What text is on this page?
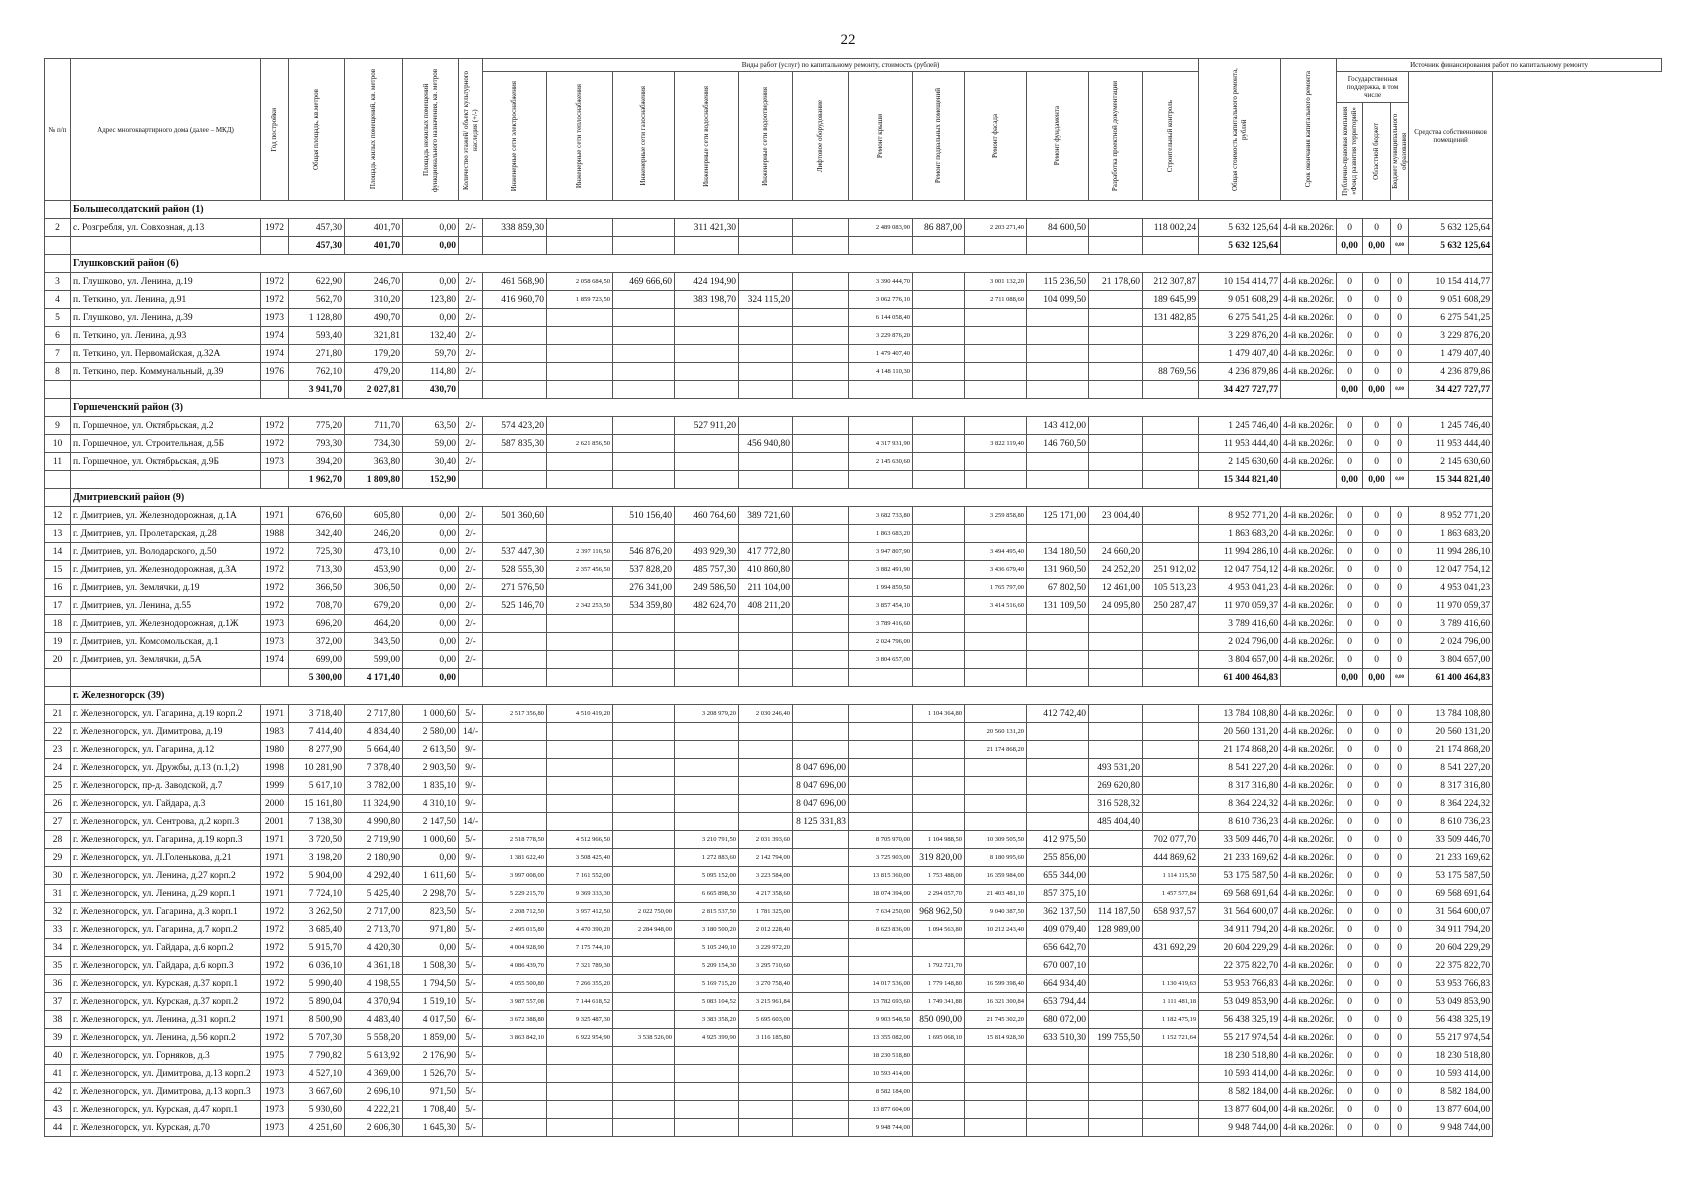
22
№ п/п	Адрес многоквартирного дома (далее – МКД)	Год постройки	Общая площадь, кв.метров	Площадь жилых помещений, кв. метров	Площадь нежилых помещений функционального назначения, кв. метров	Количество этажей/ объект культурного наследия (+/-)	Виды работ (услуг) по капитальному ремонту, стоимость (рублей)												Общая стоимость капитального ремонта, рублей	Срок окончания капитального ремонта	Источник финансирования работ по капитальному ремонту			

							Инженерные сети электроснабжения	Инженерные сети теплоснабжения	Инженерные сети газоснабжения	Инженерные сети водоснабжения	Инженерные сети водоотведения	Лифтовое оборудование	Ремонт крыши	Ремонт подвальных помещений	Ремонт фасада	Ремонт фундамента	Разработка проектной документации	Строительный контроль			Государственная поддержка, в том числе			Средства собственников помещений

																					Публично-правовая компания «Фонд развития территорий»	Областной бюджет	Бюджет муниципального образования	

	Большесолдатский район (1)																							
2	с. Розгребля, ул. Совхозная, д.13	1972	457,30	401,70	0,00	2/-	338 859,30			311 421,30			2 489 083,90	86 887,00	2 203 271,40	84 600,50		118 002,24	5 632 125,64	4-й кв.2026г.	0	0	0	5 632 125,64
			457,30	401,70	0,00														5 632 125,64		0,00	0,00	0,00	5 632 125,64
	Глушковский район (6)																							
3	п. Глушково, ул. Ленина, д.19	1972	622,90	246,70	0,00	2/-	461 568,90	2 058 684,50	469 666,60	424 194,90			3 390 444,70		3 001 132,20	115 236,50	21 178,60	212 307,87	10 154 414,77	4-й кв.2026г.	0	0	0	10 154 414,77
4	п. Теткино, ул. Ленина, д.91	1972	562,70	310,20	123,80	2/-	416 960,70	1 859 723,50		383 198,70	324 115,20		3 062 776,10		2 711 088,60	104 099,50		189 645,99	9 051 608,29	4-й кв.2026г.	0	0	0	9 051 608,29
5	п. Глушково, ул. Ленина, д.39	1973	1 128,80	490,70	0,00	2/-							6 144 058,40					131 482,85	6 275 541,25	4-й кв.2026г.	0	0	0	6 275 541,25
6	п. Теткино, ул. Ленина, д.93	1974	593,40	321,81	132,40	2/-							3 229 876,20						3 229 876,20	4-й кв.2026г.	0	0	0	3 229 876,20
7	п. Теткино, ул. Первомайская, д.32А	1974	271,80	179,20	59,70	2/-							1 479 407,40						1 479 407,40	4-й кв.2026г.	0	0	0	1 479 407,40
8	п. Теткино, пер. Коммунальный, д.39	1976	762,10	479,20	114,80	2/-							4 148 110,30					88 769,56	4 236 879,86	4-й кв.2026г.	0	0	0	4 236 879,86
			3 941,70	2 027,81	430,70														34 427 727,77		0,00	0,00	0,00	34 427 727,77
	Горшеченский район (3)																							
9	п. Горшечное, ул. Октябрьская, д.2	1972	775,20	711,70	63,50	2/-	574 423,20			527 911,20						143 412,00			1 245 746,40	4-й кв.2026г.	0	0	0	1 245 746,40
10	п. Горшечное, ул. Строительная, д.5Б	1972	793,30	734,30	59,00	2/-	587 835,30	2 621 856,50			456 940,80		4 317 931,90		3 822 119,40	146 760,50			11 953 444,40	4-й кв.2026г.	0	0	0	11 953 444,40
11	п. Горшечное, ул. Октябрьская, д.9Б	1973	394,20	363,80	30,40	2/-							2 145 630,60						2 145 630,60	4-й кв.2026г.	0	0	0	2 145 630,60
			1 962,70	1 809,80	152,90														15 344 821,40		0,00	0,00	0,00	15 344 821,40
	Дмитриевский район (9)																							
12	г. Дмитриев, ул. Железнодорожная, д.1А	1971	676,60	605,80	0,00	2/-	501 360,60		510 156,40	460 764,60	389 721,60		3 682 733,80		3 259 858,80	125 171,00	23 004,40		8 952 771,20	4-й кв.2026г.	0	0	0	8 952 771,20
13	г. Дмитриев, ул. Пролетарская, д.28	1988	342,40	246,20	0,00	2/-							1 863 683,20						1 863 683,20	4-й кв.2026г.	0	0	0	1 863 683,20
14	г. Дмитриев, ул. Володарского, д.50	1972	725,30	473,10	0,00	2/-	537 447,30	2 397 116,50	546 876,20	493 929,30	417 772,80		3 947 807,90		3 494 495,40	134 180,50	24 660,20		11 994 286,10	4-й кв.2026г.	0	0	0	11 994 286,10
15	г. Дмитриев, ул. Железнодорожная, д.3А	1972	713,30	453,90	0,00	2/-	528 555,30	2 357 456,50	537 828,20	485 757,30	410 860,80		3 882 491,90		3 436 679,40	131 960,50	24 252,20	251 912,02	12 047 754,12	4-й кв.2026г.	0	0	0	12 047 754,12
16	г. Дмитриев, ул. Землячки, д.19	1972	366,50	306,50	0,00	2/-	271 576,50		276 341,00	249 586,50	211 104,00		1 994 859,50		1 765 797,00	67 802,50	12 461,00	105 513,23	4 953 041,23	4-й кв.2026г.	0	0	0	4 953 041,23
17	г. Дмитриев, ул. Ленина, д.55	1972	708,70	679,20	0,00	2/-	525 146,70	2 342 253,50	534 359,80	482 624,70	408 211,20		3 857 454,10		3 414 516,60	131 109,50	24 095,80	250 287,47	11 970 059,37	4-й кв.2026г.	0	0	0	11 970 059,37
18	г. Дмитриев, ул. Железнодорожная, д.1Ж	1973	696,20	464,20	0,00	2/-							3 789 416,60						3 789 416,60	4-й кв.2026г.	0	0	0	3 789 416,60
19	г. Дмитриев, ул. Комсомольская, д.1	1973	372,00	343,50	0,00	2/-							2 024 796,00						2 024 796,00	4-й кв.2026г.	0	0	0	2 024 796,00
20	г. Дмитриев, ул. Землячки, д.5А	1974	699,00	599,00	0,00	2/-							3 804 657,00						3 804 657,00	4-й кв.2026г.	0	0	0	3 804 657,00
			5 300,00	4 171,40	0,00														61 400 464,83		0,00	0,00	0,00	61 400 464,83
	г. Железногорск (39)																							
21	г. Железногорск, ул. Гагарина, д.19 корп.2	1971	3 718,40	2 717,80	1 000,60	5/-	2 517 356,80	4 510 419,20		3 208 979,20	2 030 246,40			1 104 364,80		412 742,40			13 784 108,80	4-й кв.2026г.	0	0	0	13 784 108,80
22	г. Железногорск, ул. Димитрова, д.19	1983	7 414,40	4 834,40	2 580,00	14/-									20 560 131,20				20 560 131,20	4-й кв.2026г.	0	0	0	20 560 131,20
23	г. Железногорск, ул. Гагарина, д.12	1980	8 277,90	5 664,40	2 613,50	9/-									21 174 868,20				21 174 868,20	4-й кв.2026г.	0	0	0	21 174 868,20
24	г. Железногорск, ул. Дружбы, д.13 (п.1,2)	1998	10 281,90	7 378,40	2 903,50	9/-						8 047 696,00					493 531,20		8 541 227,20	4-й кв.2026г.	0	0	0	8 541 227,20
25	г. Железногорск, пр-д. Заводской, д.7	1999	5 617,10	3 782,00	1 835,10	9/-						8 047 696,00					269 620,80		8 317 316,80	4-й кв.2026г.	0	0	0	8 317 316,80
26	г. Железногорск, ул. Гайдара, д.3	2000	15 161,80	11 324,90	4 310,10	9/-						8 047 696,00					316 528,32		8 364 224,32	4-й кв.2026г.	0	0	0	8 364 224,32
27	г. Железногорск, ул. Сентрова, д.2 корп.3	2001	7 138,30	4 990,80	2 147,50	14/-						8 125 331,83					485 404,40		8 610 736,23	4-й кв.2026г.	0	0	0	8 610 736,23
28	г. Железногорск, ул. Гагарина, д.19 корп.3	1971	3 720,50	2 719,90	1 000,60	5/-	2 518 778,50	4 512 966,50		3 210 791,50	2 031 393,60		8 705 970,00	1 104 988,50	10 309 505,50	412 975,50		702 077,70	33 509 446,70	4-й кв.2026г.	0	0	0	33 509 446,70
29	г. Железногорск, ул. Л.Голенькова, д.21	1971	3 198,20	2 180,90	0,00	9/-	1 381 622,40	3 508 425,40		1 272 883,60	2 142 794,00		3 725 903,00	319 820,00	8 180 995,60	255 856,00		444 869,62	21 233 169,62	4-й кв.2026г.	0	0	0	21 233 169,62
30	г. Железногорск, ул. Ленина, д.27 корп.2	1972	5 904,00	4 292,40	1 611,60	5/-	3 997 008,00	7 161 552,00		5 095 152,00	3 223 584,00		13 815 360,00	1 753 488,00	16 359 984,00	655 344,00		1 114 115,50	53 175 587,50	4-й кв.2026г.	0	0	0	53 175 587,50
31	г. Железногорск, ул. Ленина, д.29 корп.1	1971	7 724,10	5 425,40	2 298,70	5/-	5 229 215,70	9 369 333,30		6 665 898,30	4 217 358,60		18 074 394,00	2 294 057,70	21 403 481,10	857 375,10		1 457 577,84	69 568 691,64	4-й кв.2026г.	0	0	0	69 568 691,64
32	г. Железногорск, ул. Гагарина, д.3 корп.1	1972	3 262,50	2 717,00	823,50	5/-	2 208 712,50	3 957 412,50	2 022 750,00	2 815 537,50	1 781 325,00		7 634 250,00	968 962,50	9 040 387,50	362 137,50	114 187,50	658 937,57	31 564 600,07	4-й кв.2026г.	0	0	0	31 564 600,07
33	г. Железногорск, ул. Гагарина, д.7 корп.2	1972	3 685,40	2 713,70	971,80	5/-	2 495 015,80	4 470 390,20	2 284 948,00	3 180 500,20	2 012 228,40		8 623 836,00	1 094 563,80	10 212 243,40	409 079,40	128 989,00		34 911 794,20	4-й кв.2026г.	0	0	0	34 911 794,20
34	г. Железногорск, ул. Гайдара, д.6 корп.2	1972	5 915,70	4 420,30	0,00	5/-	4 004 928,90	7 175 744,10		5 105 249,10	3 229 972,20					656 642,70		431 692,29	20 604 229,29	4-й кв.2026г.	0	0	0	20 604 229,29
35	г. Железногорск, ул. Гайдара, д.6 корп.3	1972	6 036,10	4 361,18	1 508,30	5/-	4 086 439,70	7 321 789,30		5 209 154,30	3 295 710,60			1 792 721,70		670 007,10			22 375 822,70	4-й кв.2026г.	0	0	0	22 375 822,70
36	г. Железногорск, ул. Курская, д.37 корп.1	1972	5 990,40	4 198,55	1 794,50	5/-	4 055 500,80	7 266 355,20		5 169 715,20	3 270 758,40		14 017 536,00	1 779 148,80	16 599 398,40	664 934,40		1 130 419,63	53 953 766,83	4-й кв.2026г.	0	0	0	53 953 766,83
37	г. Железногорск, ул. Курская, д.37 корп.2	1972	5 890,04	4 370,94	1 519,10	5/-	3 987 557,08	7 144 618,52		5 083 104,52	3 215 961,84		13 782 693,60	1 749 341,88	16 321 300,84	653 794,44		1 111 481,18	53 049 853,90	4-й кв.2026г.	0	0	0	53 049 853,90
38	г. Железногорск, ул. Ленина, д.31 корп.2	1971	8 500,90	4 483,40	4 017,50	6/-	3 672 388,80	9 325 487,30		3 383 358,20	5 695 603,00		9 903 548,50	850 090,00	21 745 302,20	680 072,00		1 182 475,19	56 438 325,19	4-й кв.2026г.	0	0	0	56 438 325,19
39	г. Железногорск, ул. Ленина, д.56 корп.2	1972	5 707,30	5 558,20	1 859,00	5/-	3 863 842,10	6 922 954,90	3 538 526,00	4 925 399,90	3 116 185,80		13 355 082,00	1 695 068,10	15 814 928,30	633 510,30	199 755,50	1 152 721,64	55 217 974,54	4-й кв.2026г.	0	0	0	55 217 974,54
40	г. Железногорск, ул. Горняков, д.3	1975	7 790,82	5 613,92	2 176,90	5/-							18 230 518,80						18 230 518,80	4-й кв.2026г.	0	0	0	18 230 518,80
41	г. Железногорск, ул. Димитрова, д.13 корп.2	1973	4 527,10	4 369,00	1 526,70	5/-							10 593 414,00						10 593 414,00	4-й кв.2026г.	0	0	0	10 593 414,00
42	г. Железногорск, ул. Димитрова, д.13 корп.3	1973	3 667,60	2 696,10	971,50	5/-							8 582 184,00						8 582 184,00	4-й кв.2026г.	0	0	0	8 582 184,00
43	г. Железногорск, ул. Курская, д.47 корп.1	1973	5 930,60	4 222,21	1 708,40	5/-							13 877 604,00						13 877 604,00	4-й кв.2026г.	0	0	0	13 877 604,00
44	г. Железногорск, ул. Курская, д.70	1973	4 251,60	2 606,30	1 645,30	5/-							9 948 744,00						9 948 744,00	4-й кв.2026г.	0	0	0	9 948 744,00
